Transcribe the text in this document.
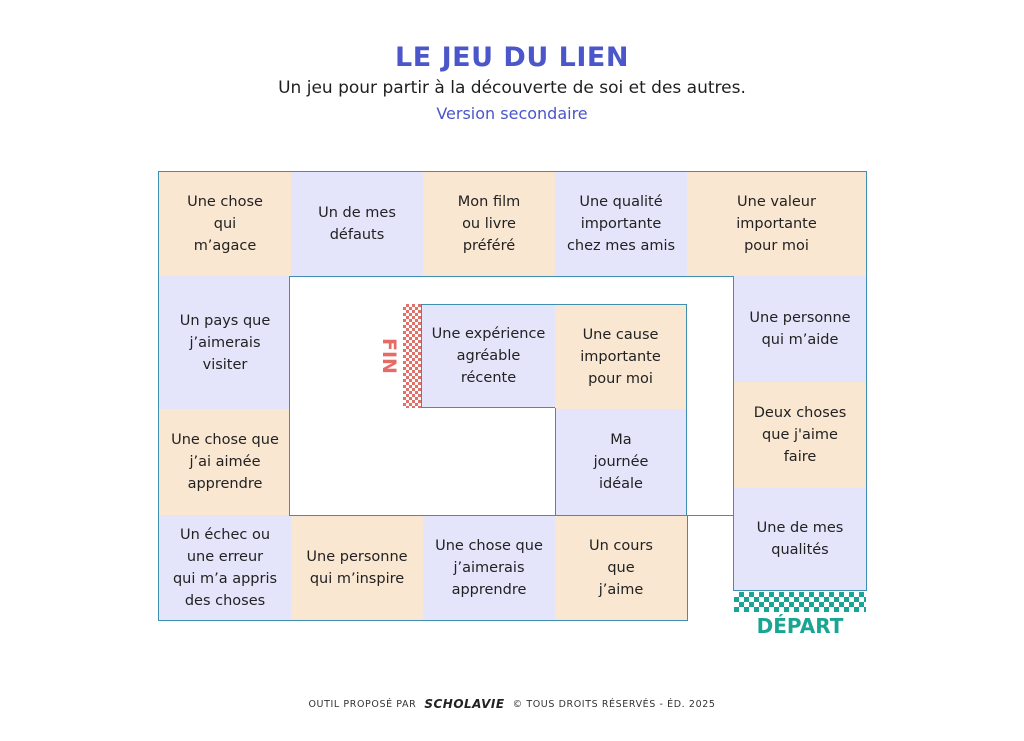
LE JEU DU LIEN
Un jeu pour partir à la découverte de soi et des autres.
Version secondaire
Une chose
qui
m’agace
Un de mes
défauts
Mon film
ou livre
préféré
Une qualité
importante
chez mes amis
Une valeur
importante
pour moi
Un pays que
j’aimerais
visiter
Une chose que
j’ai aimée
apprendre
Un échec ou
une erreur
qui m’a appris
des choses
Une personne
qui m’inspire
Une chose que
j’aimerais
apprendre
Un cours
que
j’aime
Ma
journée
idéale
Une expérience
agréable
récente
Une cause
importante
pour moi
Une personne
qui m’aide
Deux choses
que j'aime
faire
Une de mes
qualités
FIN
DÉPART
OUTIL PROPOSÉ PAR SCHOLAVIE © TOUS DROITS RÉSERVÉS - ÉD. 2025
